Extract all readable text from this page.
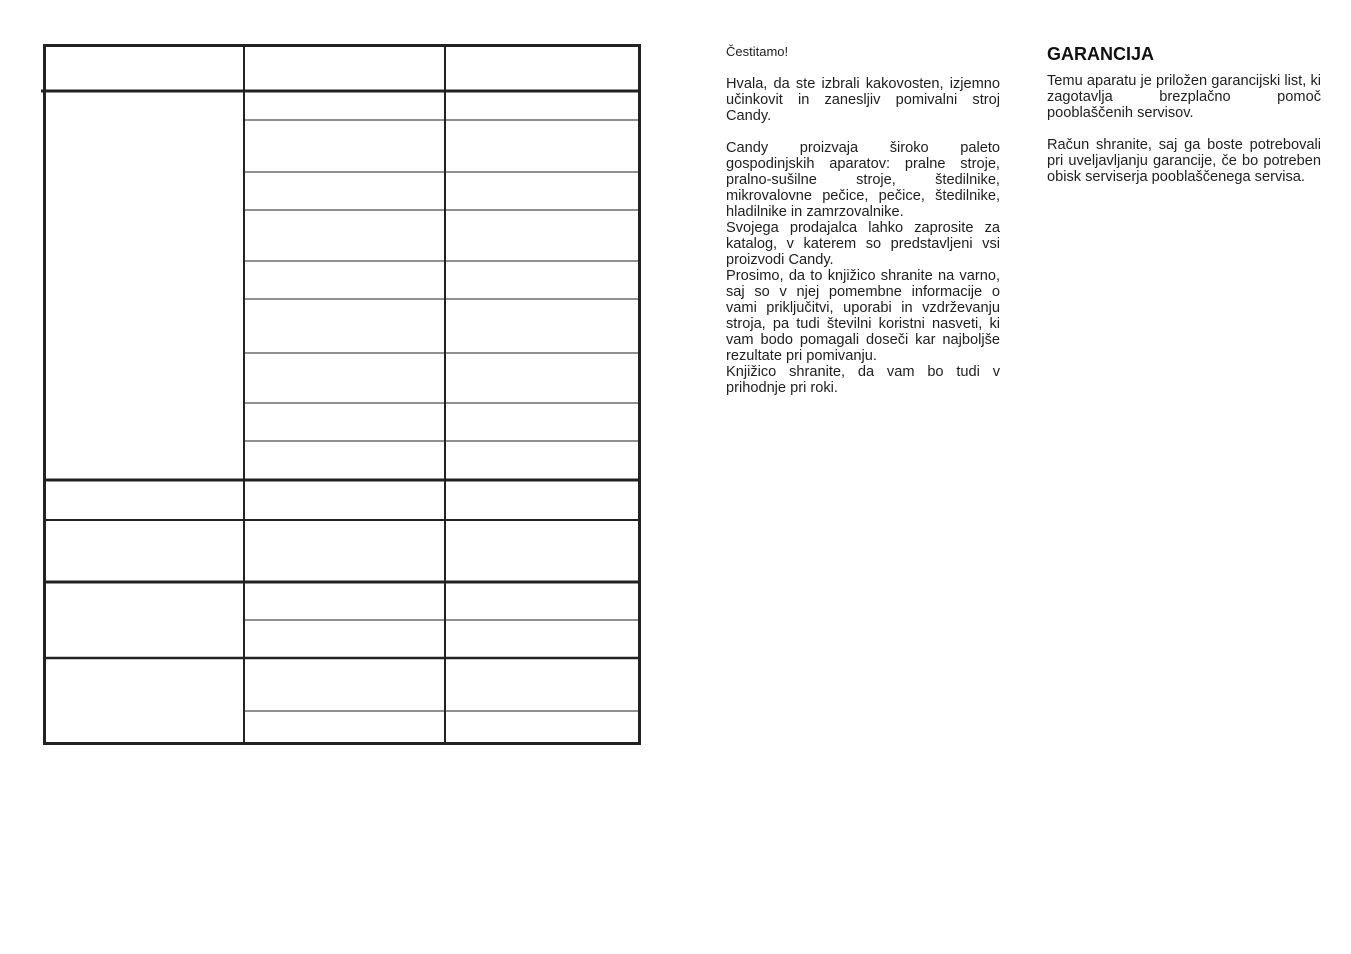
Čestitamo!

Hvala, da ste izbrali kakovosten, izjemno učinkovit in zanesljiv pomivalni stroj Candy.

Candy proizvaja široko paleto gospodinjskih aparatov: pralne stroje, pralno-sušilne stroje, štedilnike, mikrovalovne pečice, pečice, štedilnike, hladilnike in zamrzovalnike.

Svojega prodajalca lahko zaprosite za katalog, v katerem so predstavljeni vsi proizvodi Candy.

Prosimo, da to knjižico shranite na varno, saj so v njej pomembne informacije o vami priključitvi, uporabi in vzdrževanju stroja, pa tudi številni koristni nasveti, ki vam bodo pomagali doseči kar najboljše rezultate pri pomivanju.

Knjižico shranite, da vam bo tudi v prihodnje pri roki.

GARANCIJA

Temu aparatu je priložen garancijski list, ki zagotavlja brezplačno pomoč pooblaščenih servisov.

Račun shranite, saj ga boste potrebovali pri uveljavljanju garancije, če bo potreben obisk serviserja pooblaščenega servisa.
